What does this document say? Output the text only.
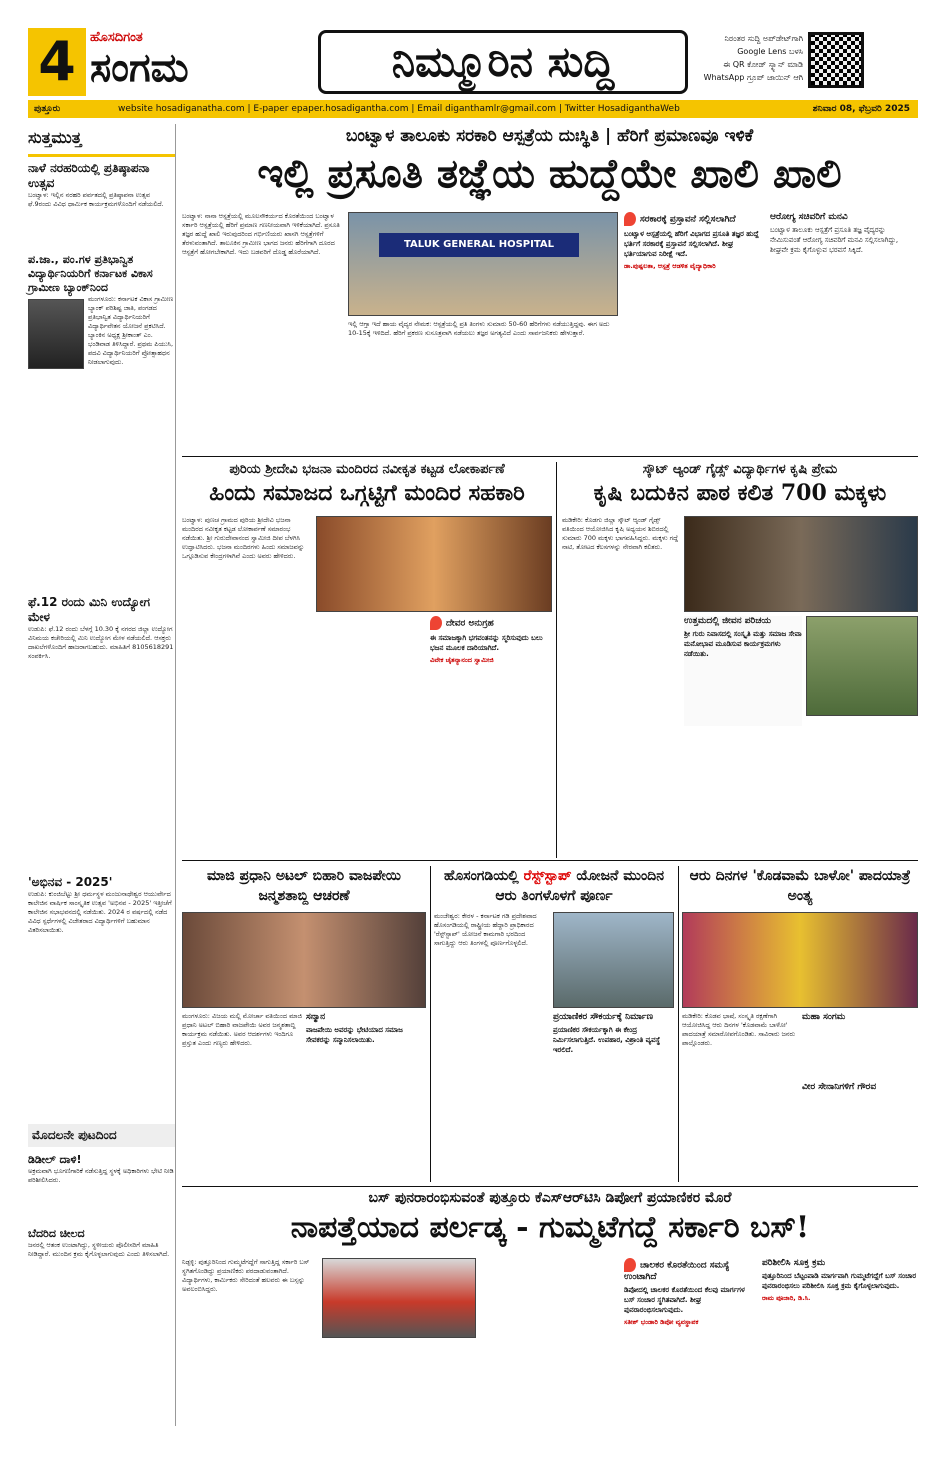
4	ಹೊಸದಿಗಂತ
ಸಂಗಮ	ನಿಮ್ಮೂರಿನ ಸುದ್ದಿ	ನಿರಂತರ ಸುದ್ದಿ ಅಪ್‌ಡೇಟ್‌ಗಾಗಿ
Google Lens ಬಳಸಿ
ಈ QR ಕೋಡ್ ಸ್ಕ್ಯಾನ್ ಮಾಡಿ
WhatsApp ಗ್ರೂಪ್ ಜಾಯಿನ್ ಆಗಿ
ಪುತ್ತೂರು	website hosadiganatha.com | E-paper epaper.hosadigantha.com | Email diganthamlr@gmail.com | Twitter HosadiganthaWeb	ಶನಿವಾರ 08, ಫೆಬ್ರವರಿ 2025
ಸುತ್ತಮುತ್ತ
ನಾಳೆ ನರಹರಿಯಲ್ಲಿ ಪ್ರತಿಷ್ಠಾಪನಾ ಉತ್ಸವ
ಬಂಟ್ವಾಳ: ಇಲ್ಲಿನ ನರಹರಿ ಪರ್ವತದಲ್ಲಿ ಪ್ರತಿಷ್ಠಾಪನಾ ಉತ್ಸವ ಫೆ.9ರಂದು ವಿವಿಧ ಧಾರ್ಮಿಕ ಕಾರ್ಯಕ್ರಮಗಳೊಂದಿಗೆ ನಡೆಯಲಿದೆ.
ಪ.ಜಾ., ಪಂ.ಗಳ ಪ್ರತಿಭಾನ್ವಿತ ವಿದ್ಯಾರ್ಥಿನಿಯರಿಗೆ ಕರ್ನಾಟಕ ವಿಕಾಸ ಗ್ರಾಮೀಣ ಬ್ಯಾಂಕ್‌ನಿಂದ
ಮಂಗಳೂರು: ಕರ್ನಾಟಕ ವಿಕಾಸ ಗ್ರಾಮೀಣ ಬ್ಯಾಂಕ್ ಪರಿಶಿಷ್ಟ ಜಾತಿ, ಪಂಗಡದ ಪ್ರತಿಭಾನ್ವಿತ ವಿದ್ಯಾರ್ಥಿನಿಯರಿಗೆ ವಿದ್ಯಾರ್ಥಿವೇತನ ಯೋಜನೆ ಪ್ರಕಟಿಸಿದೆ. ಬ್ಯಾಂಕಿನ ಅಧ್ಯಕ್ಷ ಶ್ರೀಕಾಂತ್ ಎಂ. ಭಂಡಿವಾಡ ತಿಳಿಸಿದ್ದಾರೆ. ಪ್ರಥಮ ಪಿಯುಸಿ, ಪದವಿ ವಿದ್ಯಾರ್ಥಿನಿಯರಿಗೆ ಪ್ರೋತ್ಸಾಹಧನ ನೀಡಲಾಗುವುದು.
ಫೆ.12 ರಂದು ಮಿನಿ ಉದ್ಯೋಗ ಮೇಳ
ಉಡುಪಿ: ಫೆ.12 ರಂದು ಬೆಳಗ್ಗೆ 10.30 ಕ್ಕೆ ನಗರದ ಜಿಲ್ಲಾ ಉದ್ಯೋಗ ವಿನಿಮಯ ಕಚೇರಿಯಲ್ಲಿ ಮಿನಿ ಉದ್ಯೋಗ ಮೇಳ ನಡೆಯಲಿದೆ. ಆಸಕ್ತರು ದಾಖಲೆಗಳೊಂದಿಗೆ ಹಾಜರಾಗಬಹುದು. ಮಾಹಿತಿಗೆ 8105618291 ಸಂಪರ್ಕಿಸಿ.
'ಅಭಿನವ - 2025'
ಉಡುಪಿ: ಕುಂಜಿಬೆಟ್ಟು ಶ್ರೀ ಧರ್ಮಸ್ಥಳ ಮಂಜುನಾಥೇಶ್ವರ ಆಯುರ್ವೇದ ಕಾಲೇಜಿನ ವಾರ್ಷಿಕ ಸಾಂಸ್ಕೃತಿಕ ಉತ್ಸವ 'ಅಭಿನವ - 2025' ಇತ್ತೀಚೆಗೆ ಕಾಲೇಜಿನ ಸಭಾಭವನದಲ್ಲಿ ನಡೆಯಿತು. 2024 ರ ವರ್ಷದಲ್ಲಿ ನಡೆದ ವಿವಿಧ ಸ್ಪರ್ಧೆಗಳಲ್ಲಿ ವಿಜೇತರಾದ ವಿದ್ಯಾರ್ಥಿಗಳಿಗೆ ಬಹುಮಾನ ವಿತರಿಸಲಾಯಿತು.
ಮೊದಲನೇ ಪುಟದಿಂದ
ಡಿಡೀಲ್ ದಾಳಿ!
ಅಕ್ರಮವಾಗಿ ಭೂಗಣಿಗಾರಿಕೆ ನಡೆಸುತ್ತಿದ್ದ ಸ್ಥಳಕ್ಕೆ ಅಧಿಕಾರಿಗಳು ಭೇಟಿ ನೀಡಿ ಪರಿಶೀಲಿಸಿದರು.
ಬೆದರಿದ ಚೀಲದ
ಜನರಲ್ಲಿ ಆತಂಕ ಉಂಟಾಗಿದ್ದು, ಸ್ಥಳೀಯರು ಪೊಲೀಸರಿಗೆ ಮಾಹಿತಿ ನೀಡಿದ್ದಾರೆ. ಮುಂದಿನ ಕ್ರಮ ಕೈಗೊಳ್ಳಲಾಗುವುದು ಎಂದು ತಿಳಿಸಲಾಗಿದೆ.
ಬಂಟ್ವಾಳ ತಾಲೂಕು ಸರಕಾರಿ ಆಸ್ಪತ್ರೆಯ ದುಃಸ್ಥಿತಿ | ಹೆರಿಗೆ ಪ್ರಮಾಣವೂ ಇಳಿಕೆ
ಇಲ್ಲಿ ಪ್ರಸೂತಿ ತಜ್ಞೆಯ ಹುದ್ದೆಯೇ ಖಾಲಿ ಖಾಲಿ
ಬಂಟ್ವಾಳ: ನಾನಾ ಆಸ್ಪತ್ರೆಯಲ್ಲಿ ಮೂಲಸೌಕರ್ಯದ ಕೊರತೆಯಿಂದ ಬಂಟ್ವಾಳ ಸರ್ಕಾರಿ ಆಸ್ಪತ್ರೆಯಲ್ಲಿ ಹೆರಿಗೆ ಪ್ರಮಾಣ ಗಣನೀಯವಾಗಿ ಇಳಿಕೆಯಾಗಿದೆ. ಪ್ರಸೂತಿ ತಜ್ಞರ ಹುದ್ದೆ ಖಾಲಿ ಇರುವುದರಿಂದ ಗರ್ಭಿಣಿಯರು ಖಾಸಗಿ ಆಸ್ಪತ್ರೆಗಳಿಗೆ ತೆರಳುವಂತಾಗಿದೆ. ತಾಲೂಕಿನ ಗ್ರಾಮೀಣ ಭಾಗದ ಜನರು ಹೆರಿಗೆಗಾಗಿ ದೂರದ ಆಸ್ಪತ್ರೆಗೆ ಹೋಗಬೇಕಾಗಿದೆ. ಇದು ಬಡವರಿಗೆ ದೊಡ್ಡ ಹೊರೆಯಾಗಿದೆ.
TALUK GENERAL HOSPITAL
ಇಲ್ಲಿ ಆಗ್ತಾ ಇದೆ ಹಾಯ ವೈದ್ಯರ ನೇಮಕ: ಆಸ್ಪತ್ರೆಯಲ್ಲಿ ಪ್ರತಿ ತಿಂಗಳು ಸುಮಾರು 50-60 ಹೆರಿಗೆಗಳು ನಡೆಯುತ್ತಿದ್ದವು. ಈಗ ಅದು 10-15ಕ್ಕೆ ಇಳಿದಿದೆ. ಹೆರಿಗೆ ಪ್ರಕರಣ ಸುಸೂತ್ರವಾಗಿ ನಡೆಯಲು ತಜ್ಞರ ಅಗತ್ಯವಿದೆ ಎಂದು ಸಾರ್ವಜನಿಕರು ಹೇಳುತ್ತಾರೆ.
ಸರಕಾರಕ್ಕೆ ಪ್ರಸ್ತಾವನೆ ಸಲ್ಲಿಸಲಾಗಿದೆ
ಬಂಟ್ವಾಳ ಆಸ್ಪತ್ರೆಯಲ್ಲಿ ಹೆರಿಗೆ ವಿಭಾಗದ ಪ್ರಸೂತಿ ತಜ್ಞರ ಹುದ್ದೆ ಭರ್ತಿಗೆ ಸರಕಾರಕ್ಕೆ ಪ್ರಸ್ತಾವನೆ ಸಲ್ಲಿಸಲಾಗಿದೆ. ಶೀಘ್ರ ಭರ್ತಿಯಾಗುವ ನಿರೀಕ್ಷೆ ಇದೆ.
ಡಾ.ಪುಷ್ಪಲತಾ, ಆಸ್ಪತ್ರೆ ಆಡಳಿತ ವೈದ್ಯಾಧಿಕಾರಿ
ಆರೋಗ್ಯ ಸಚಿವರಿಗೆ ಮನವಿ
ಬಂಟ್ವಾಳ ತಾಲೂಕು ಆಸ್ಪತ್ರೆಗೆ ಪ್ರಸೂತಿ ತಜ್ಞ ವೈದ್ಯರನ್ನು ನೇಮಿಸುವಂತೆ ಆರೋಗ್ಯ ಸಚಿವರಿಗೆ ಮನವಿ ಸಲ್ಲಿಸಲಾಗಿದ್ದು, ಶೀಘ್ರವೇ ಕ್ರಮ ಕೈಗೊಳ್ಳುವ ಭರವಸೆ ಸಿಕ್ಕಿದೆ.
ಪುರಿಯ ಶ್ರೀದೇವಿ ಭಜನಾ ಮಂದಿರದ ನವೀಕೃತ ಕಟ್ಟಡ ಲೋಕಾರ್ಪಣೆ
ಹಿಂದು ಸಮಾಜದ ಒಗ್ಗಟ್ಟಿಗೆ ಮಂದಿರ ಸಹಕಾರಿ
ಬಂಟ್ವಾಳ: ಪುಣಚ ಗ್ರಾಮದ ಪುರಿಯ ಶ್ರೀದೇವಿ ಭಜನಾ ಮಂದಿರದ ನವೀಕೃತ ಕಟ್ಟಡ ಲೋಕಾರ್ಪಣೆ ಸಮಾರಂಭ ನಡೆಯಿತು. ಶ್ರೀ ಗುರುದೇವಾನಂದ ಸ್ವಾಮೀಜಿ ದೀಪ ಬೆಳಗಿಸಿ ಉದ್ಘಾಟಿಸಿದರು. ಭಜನಾ ಮಂದಿರಗಳು ಹಿಂದು ಸಮಾಜವನ್ನು ಒಗ್ಗೂಡಿಸುವ ಕೇಂದ್ರಗಳಾಗಿವೆ ಎಂದು ಅವರು ಹೇಳಿದರು.
ದೇವರ ಅನುಗ್ರಹ
ಈ ಸಮಾಜಕ್ಕಾಗಿ ಭಗವಂತನನ್ನು ಸ್ಮರಿಸುವುದು ಬಲು ಭಜನ ಮೂಲಕ ದಾರಿಯಾಗಿದೆ.
ವಿವೇಕ ಚೈತನ್ಯಾನಂದ ಸ್ವಾಮೀಜಿ
ಸ್ಕೌಟ್ ಆ್ಯಂಡ್ ಗೈಡ್ಸ್ ವಿದ್ಯಾರ್ಥಿಗಳ ಕೃಷಿ ಪ್ರೇಮ
ಕೃಷಿ ಬದುಕಿನ ಪಾಠ ಕಲಿತ 700 ಮಕ್ಕಳು
ಮಡಿಕೇರಿ: ಕೊಡಗು ಜಿಲ್ಲಾ ಸ್ಕೌಟ್ ಆ್ಯಂಡ್ ಗೈಡ್ಸ್ ವತಿಯಿಂದ ಆಯೋಜಿಸಿದ ಕೃಷಿ ಅಧ್ಯಯನ ಶಿಬಿರದಲ್ಲಿ ಸುಮಾರು 700 ಮಕ್ಕಳು ಭಾಗವಹಿಸಿದ್ದರು. ಮಕ್ಕಳು ಗದ್ದೆ ನಾಟಿ, ತೋಟದ ಕೆಲಸಗಳನ್ನು ನೇರವಾಗಿ ಕಲಿತರು.
ಉತ್ತಮದಲ್ಲಿ ಜೀವನ ಪರಿಚಯ
ಶ್ರೀ ಗುರು ನಿವಾಸದಲ್ಲಿ ಸಂಸ್ಕೃತಿ ಮತ್ತು ಸಮಾಜ ಸೇವಾ ಮನೋಭಾವ ಮೂಡಿಸುವ ಕಾರ್ಯಕ್ರಮಗಳು ನಡೆಯಿತು.
ಮಾಜಿ ಪ್ರಧಾನಿ ಅಟಲ್ ಬಿಹಾರಿ ವಾಜಪೇಯಿ ಜನ್ಮಶತಾಬ್ದಿ ಆಚರಣೆ
ಮಂಗಳೂರು: ವಿಜಯ ಮಲ್ಲಿ ಮೋರ್ಚಾ ವತಿಯಿಂದ ಮಾಜಿ ಪ್ರಧಾನಿ ಅಟಲ್ ಬಿಹಾರಿ ವಾಜಪೇಯಿ ಅವರ ಜನ್ಮಶತಾಬ್ದಿ ಕಾರ್ಯಕ್ರಮ ನಡೆಯಿತು. ಅವರ ಆದರ್ಶಗಳು ಇಂದಿಗೂ ಪ್ರಸ್ತುತ ಎಂದು ಗಣ್ಯರು ಹೇಳಿದರು.
ಸನ್ಮಾನ
ವಾಜಪೇಯಿ ಅವರನ್ನು ಭೇಟಿಯಾದ ಸಮಾಜ ಸೇವಕರನ್ನು ಸನ್ಮಾನಿಸಲಾಯಿತು.
ಹೊಸಂಗಡಿಯಲ್ಲಿ ರೆಸ್ಟ್‌ಸ್ಟಾಪ್ ಯೋಜನೆ ಮುಂದಿನ ಆರು ತಿಂಗಳೊಳಗೆ ಪೂರ್ಣ
ಮಂಜೇಶ್ವರ: ಕೇರಳ - ಕರ್ನಾಟಕ ಗಡಿ ಪ್ರದೇಶವಾದ ಹೊಸಂಗಡಿಯಲ್ಲಿ ರಾಷ್ಟ್ರೀಯ ಹೆದ್ದಾರಿ ಪ್ರಾಧಿಕಾರದ 'ರೆಸ್ಟ್‌ಸ್ಟಾಪ್' ಯೋಜನೆ ಕಾಮಗಾರಿ ಭರದಿಂದ ಸಾಗುತ್ತಿದ್ದು ಆರು ತಿಂಗಳಲ್ಲಿ ಪೂರ್ಣಗೊಳ್ಳಲಿದೆ.
ಪ್ರಯಾಣಿಕರ ಸೌಕರ್ಯಕ್ಕೆ ನಿರ್ಮಾಣ
ಪ್ರಯಾಣಿಕರ ಸೌಕರ್ಯಕ್ಕಾಗಿ ಈ ಕೇಂದ್ರ ನಿರ್ಮಿಸಲಾಗುತ್ತಿದೆ. ಉಪಹಾರ, ವಿಶ್ರಾಂತಿ ವ್ಯವಸ್ಥೆ ಇರಲಿದೆ.
ಆರು ದಿನಗಳ 'ಕೊಡವಾಮೆ ಬಾಳೋ' ಪಾದಯಾತ್ರೆ ಅಂತ್ಯ
ಮಡಿಕೇರಿ: ಕೊಡವ ಭಾಷೆ, ಸಂಸ್ಕೃತಿ ರಕ್ಷಣೆಗಾಗಿ ಆಯೋಜಿಸಿದ್ದ ಆರು ದಿನಗಳ 'ಕೊಡವಾಮೆ ಬಾಳೋ' ಪಾದಯಾತ್ರೆ ಸಮಾರೋಪಗೊಂಡಿತು. ಸಾವಿರಾರು ಜನರು ಪಾಲ್ಗೊಂಡರು.
ಮಹಾ ಸಂಗಮ
ವೀರ ಸೇನಾನಿಗಳಿಗೆ ಗೌರವ
ಬಸ್ ಪುನರಾರಂಭಿಸುವಂತೆ ಪುತ್ತೂರು ಕೆಎಸ್ಆರ್‌ಟಿಸಿ ಡಿಪೋಗೆ ಪ್ರಯಾಣಿಕರ ಮೊರೆ
ನಾಪತ್ತೆಯಾದ ಪರ್ಲಡ್ಕ - ಗುಮ್ಮಟೆಗದ್ದೆ ಸರ್ಕಾರಿ ಬಸ್!
ನಿಡ್ಪಳ್ಳಿ: ಪುತ್ತೂರಿನಿಂದ ಗುಮ್ಮಟೆಗದ್ದೆಗೆ ಸಾಗುತ್ತಿದ್ದ ಸರ್ಕಾರಿ ಬಸ್ ಸ್ಥಗಿತಗೊಂಡಿದ್ದು ಪ್ರಯಾಣಿಕರು ಪರದಾಡುವಂತಾಗಿದೆ. ವಿದ್ಯಾರ್ಥಿಗಳು, ಕಾರ್ಮಿಕರು ಸೇರಿದಂತೆ ಹಲವರು ಈ ಬಸ್ಸನ್ನು ಅವಲಂಬಿಸಿದ್ದರು.
ಚಾಲಕರ ಕೊರತೆಯಿಂದ ಸಮಸ್ಯೆ ಉಂಟಾಗಿದೆ
ಡಿಪೋದಲ್ಲಿ ಚಾಲಕರ ಕೊರತೆಯಿಂದ ಕೆಲವು ಮಾರ್ಗಗಳ ಬಸ್ ಸಂಚಾರ ಸ್ಥಗಿತವಾಗಿದೆ. ಶೀಘ್ರ ಪುನರಾರಂಭಿಸಲಾಗುವುದು.
ಸತೀಶ್ ಭಂಡಾರಿ ಡಿಪೋ ವ್ಯವಸ್ಥಾಪಕ
ಪರಿಶೀಲಿಸಿ ಸೂಕ್ತ ಕ್ರಮ
ಪುತ್ತೂರಿನಿಂದ ಬೆಟ್ಟಂಪಾಡಿ ಮಾರ್ಗವಾಗಿ ಗುಮ್ಮಟೆಗದ್ದೆಗೆ ಬಸ್ ಸಂಚಾರ ಪುನರಾರಂಭಿಸಲು ಪರಿಶೀಲಿಸಿ ಸೂಕ್ತ ಕ್ರಮ ಕೈಗೊಳ್ಳಲಾಗುವುದು.
ರಾಮ ಪೂಜಾರಿ, ಡಿ.ಸಿ.
